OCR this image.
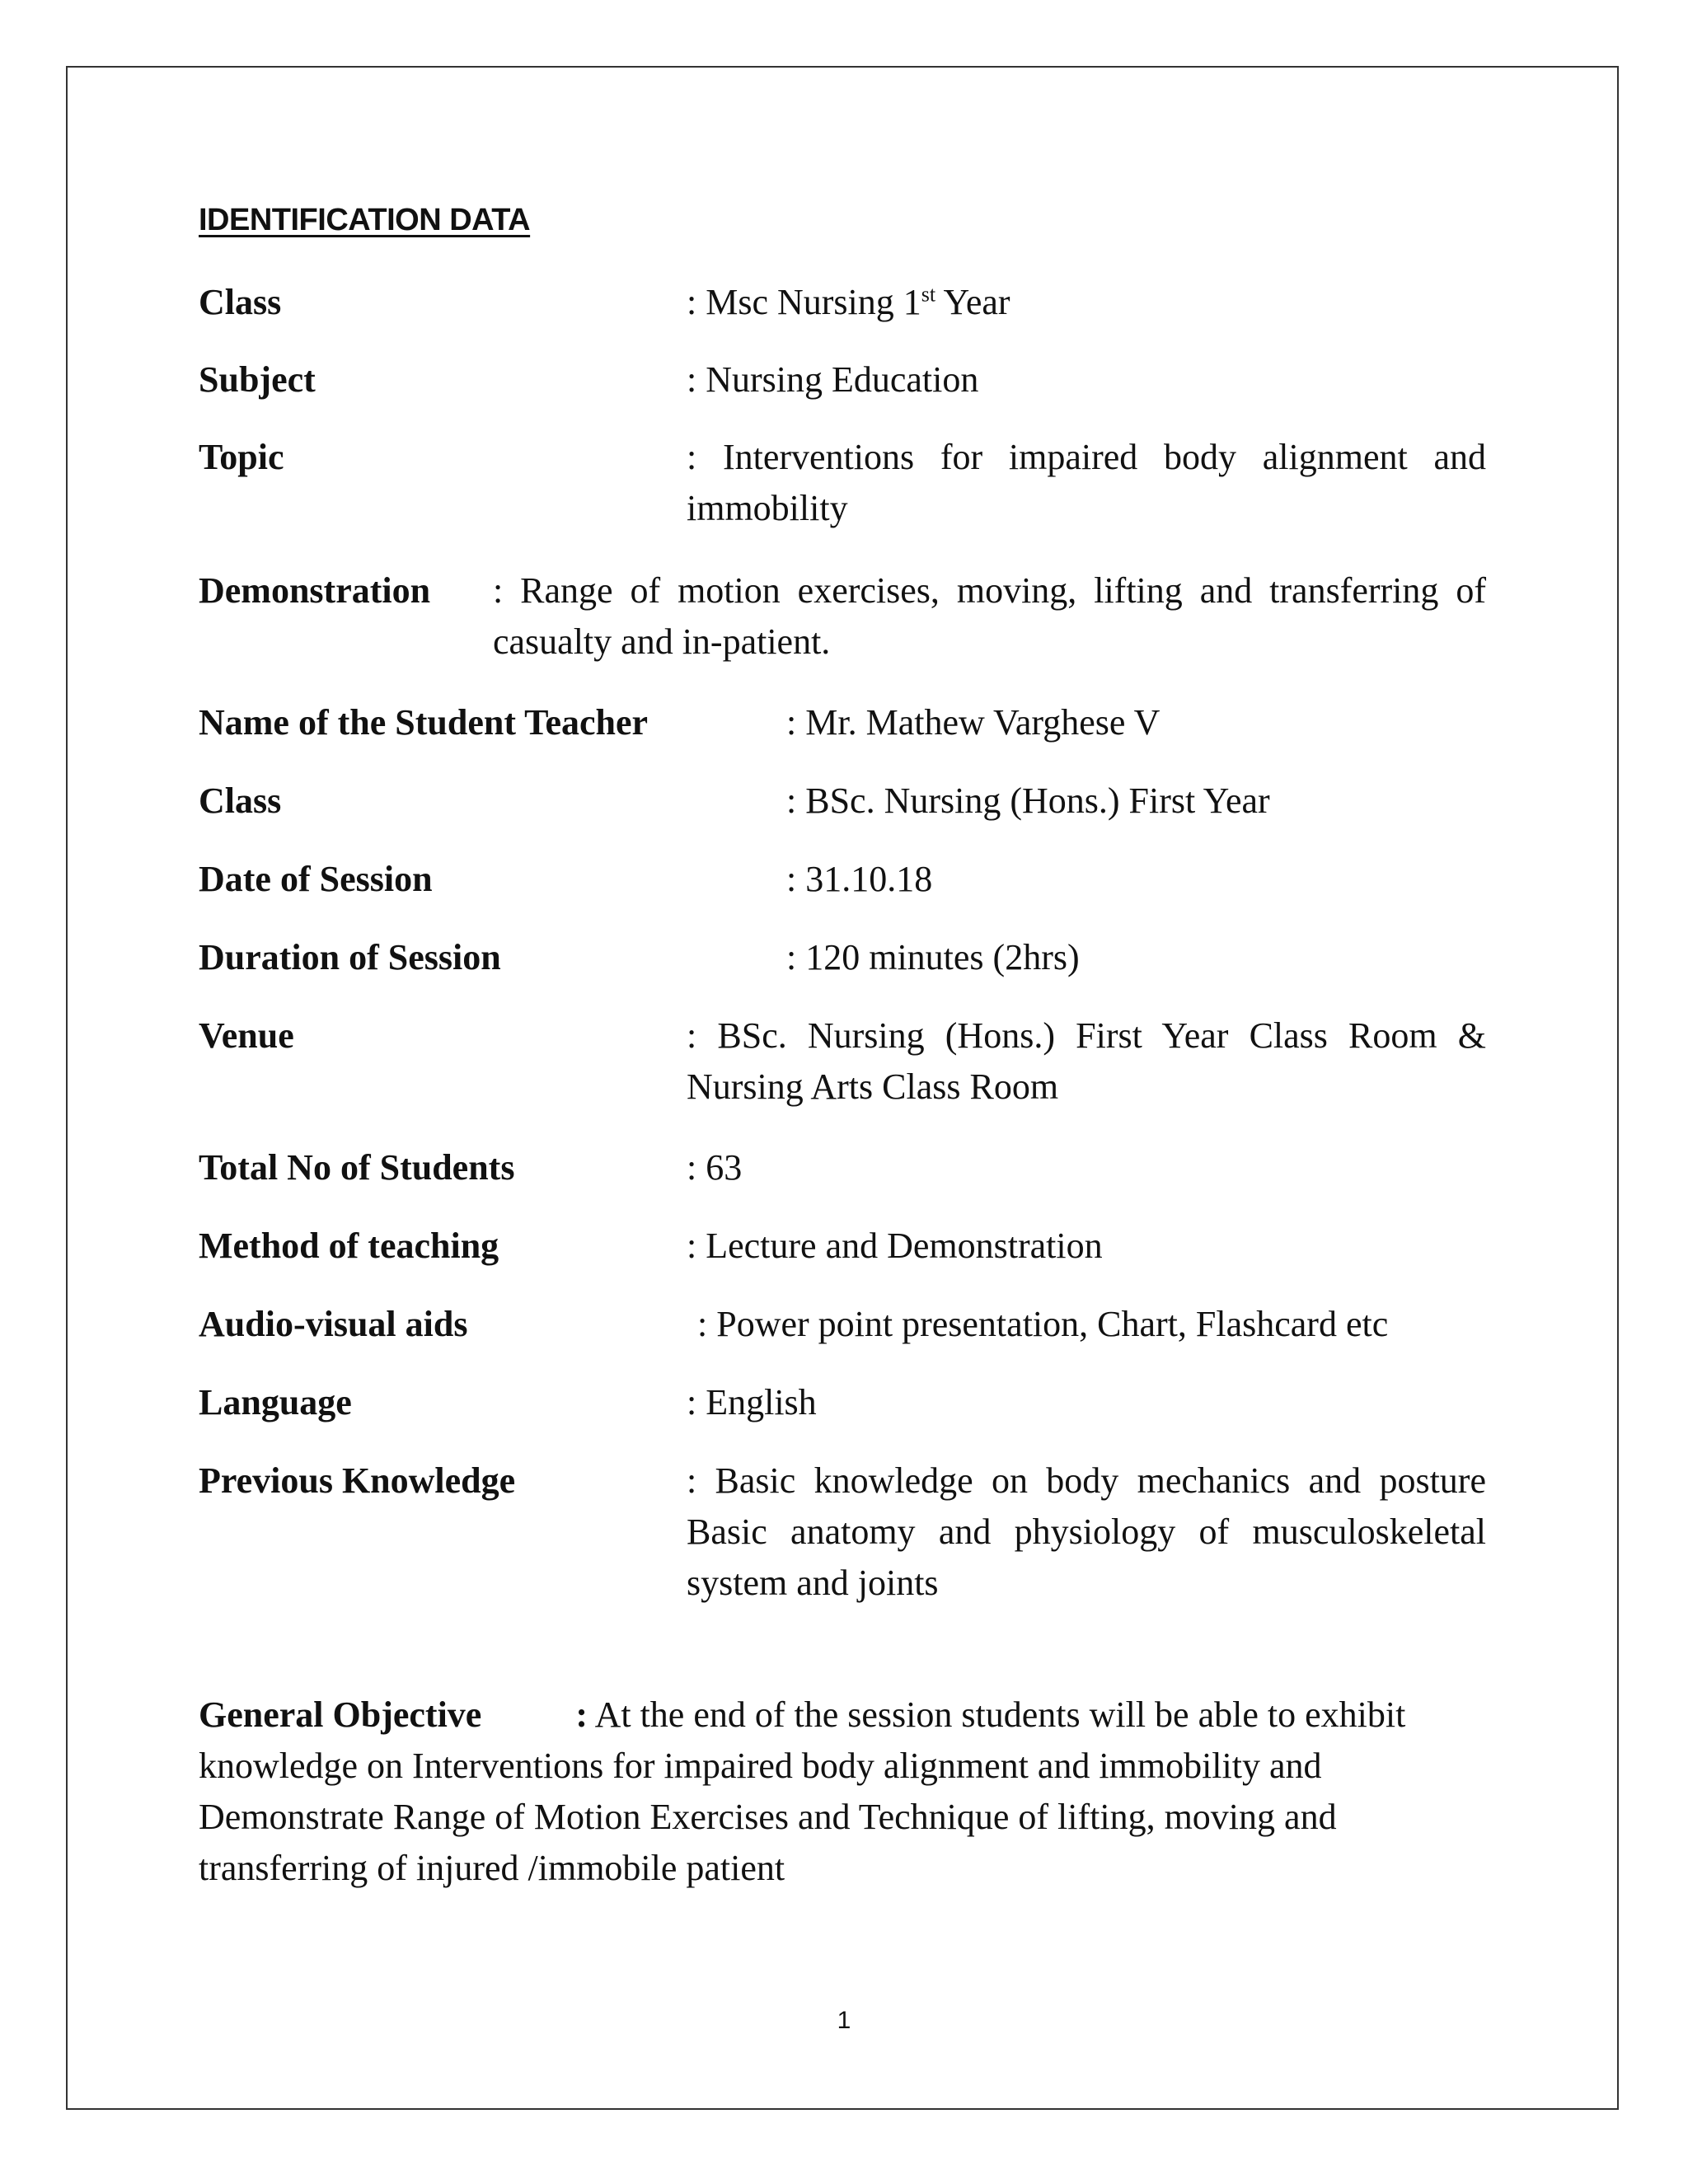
IDENTIFICATION DATA
Class	: Msc Nursing 1st Year
Subject	: Nursing Education
Topic	: Interventions for impaired body alignment and
immobility
Demonstration : Range of motion exercises, moving, lifting and transferring of
casualty and in-patient.
Name of the Student Teacher	: Mr. Mathew Varghese V
Class	: BSc. Nursing (Hons.) First Year
Date of Session	: 31.10.18
Duration of Session	: 120 minutes (2hrs)
Venue	: BSc. Nursing (Hons.) First Year Class Room &
Nursing Arts Class Room
Total No of Students	: 63
Method of teaching	: Lecture and Demonstration
Audio-visual aids	: Power point presentation, Chart, Flashcard etc
Language	: English
Previous Knowledge	: Basic knowledge on body mechanics and posture
Basic anatomy and physiology of musculoskeletal
system and joints
General Objective	: At the end of the session students will be able to exhibit
knowledge on Interventions for impaired body alignment and immobility and
Demonstrate Range of Motion Exercises and Technique of lifting, moving and
transferring of injured /immobile patient
1
